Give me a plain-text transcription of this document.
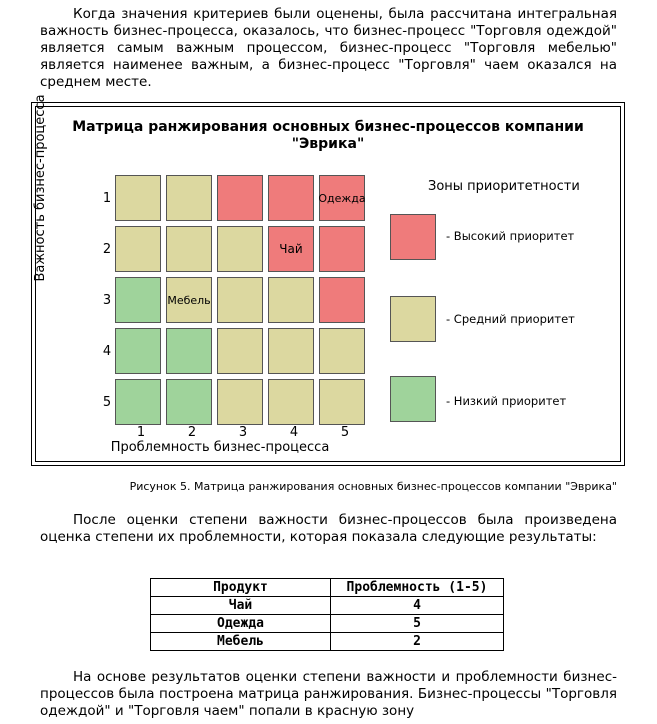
Когда значения критериев были оценены, была рассчитана интегральная важность бизнес-процесса, оказалось, что бизнес-процесс "Торговля одеждой" является самым важным процессом, бизнес-процесс "Торговля мебелью" является наименее важным, а бизнес-процесс "Торговля" чаем оказался на среднем месте.
Матрица ранжирования основных бизнес-процессов компании
"Эврика"
Одежда
Чай
Мебель
1
2
3
4
5
1	2	3	4	5
Важность бизнес-процесса
Проблемность бизнес-процесса
Зоны приоритетности
- Высокий приоритет
- Средний приоритет
- Низкий приоритет
Рисунок 5. Матрица ранжирования основных бизнес-процессов компании "Эврика"
После оценки степени важности бизнес-процессов была произведена оценка степени их проблемности, которая показала следующие результаты:
Продукт	Проблемность (1-5)
Чай	4
Одежда	5
Мебель	2
На основе результатов оценки степени важности и проблемности бизнес-процессов была построена матрица ранжирования. Бизнес-процессы "Торговля одеждой" и "Торговля чаем" попали в красную зону
